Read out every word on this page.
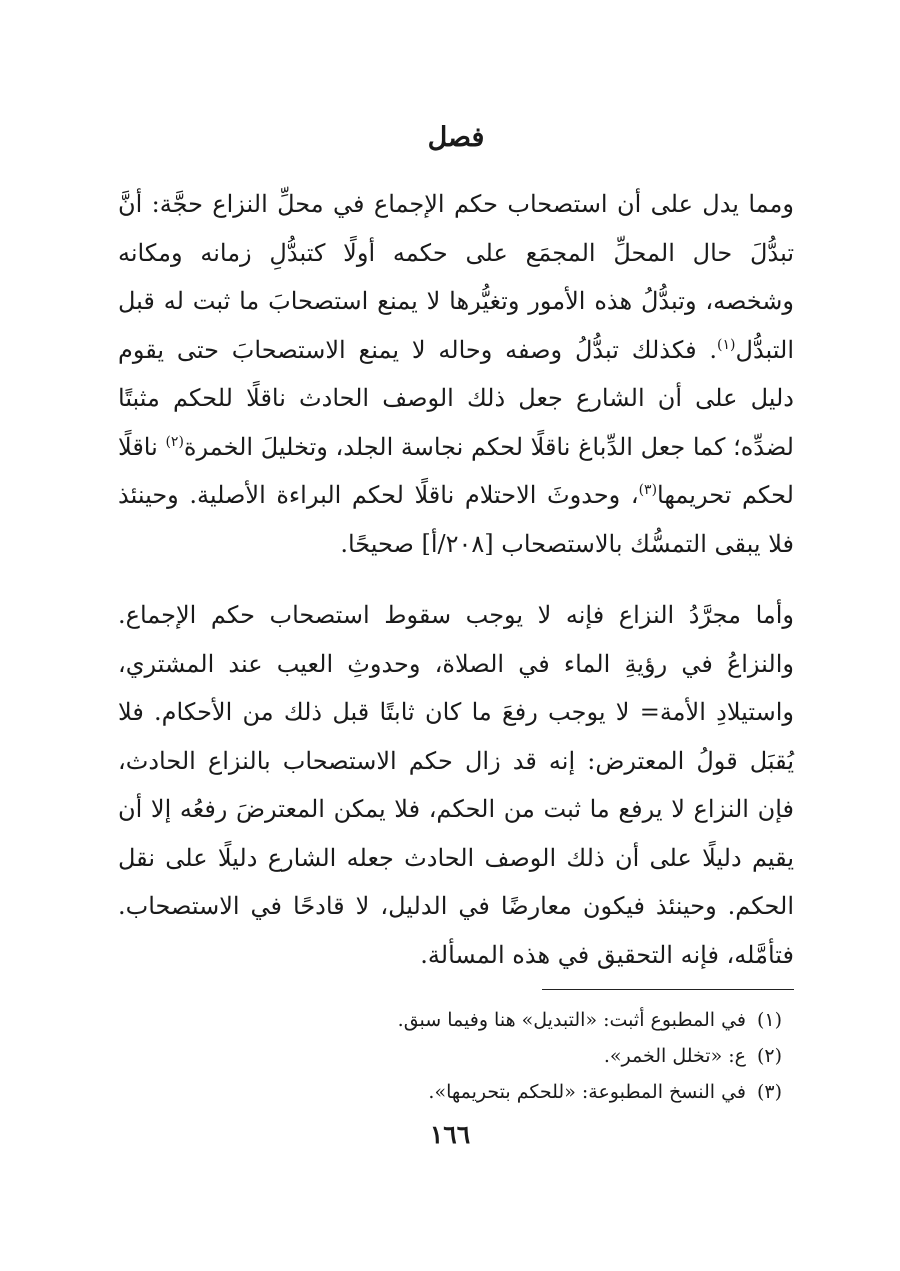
فصل

ومما يدل على أن استصحاب حكم الإجماع في محلِّ النزاع حجَّة: أنَّ تبدُّلَ حال المحلِّ المجمَع على حكمه أولًا كتبدُّلِ زمانه ومكانه وشخصه، وتبدُّلُ هذه الأمور وتغيُّرها لا يمنع استصحابَ ما ثبت له قبل التبدُّل$^{(١)}$. فكذلك تبدُّلُ وصفه وحاله لا يمنع الاستصحابَ حتى يقوم دليل على أن الشارع جعل ذلك الوصف الحادث ناقلًا للحكم مثبتًا لضدِّه؛ كما جعل الدِّباغ ناقلًا لحكم نجاسة الجلد، وتخليلَ الخمرة$^{(٢)}$ ناقلًا لحكم تحريمها$^{(٣)}$، وحدوثَ الاحتلام ناقلًا لحكم البراءة الأصلية. وحينئذ فلا يبقى التمسُّك بالاستصحاب [٢٠٨/أ] صحيحًا.

وأما مجرَّدُ النزاع فإنه لا يوجب سقوط استصحاب حكم الإجماع. والنزاعُ في رؤيةِ الماء في الصلاة، وحدوثِ العيب عند المشتري، واستيلادِ الأمة= لا يوجب رفعَ ما كان ثابتًا قبل ذلك من الأحكام. فلا يُقبَل قولُ المعترض: إنه قد زال حكم الاستصحاب بالنزاع الحادث، فإن النزاع لا يرفع ما ثبت من الحكم، فلا يمكن المعترضَ رفعُه إلا أن يقيم دليلًا على أن ذلك الوصف الحادث جعله الشارع دليلًا على نقل الحكم. وحينئذ فيكون معارضًا في الدليل، لا قادحًا في الاستصحاب. فتأمَّله، فإنه التحقيق في هذه المسألة.

(١)
في المطبوع أثبت: «التبديل» هنا وفيما سبق.
(٢)
ع: «تخلل الخمر».
(٣)
في النسخ المطبوعة: «للحكم بتحريمها».
١٦٦
